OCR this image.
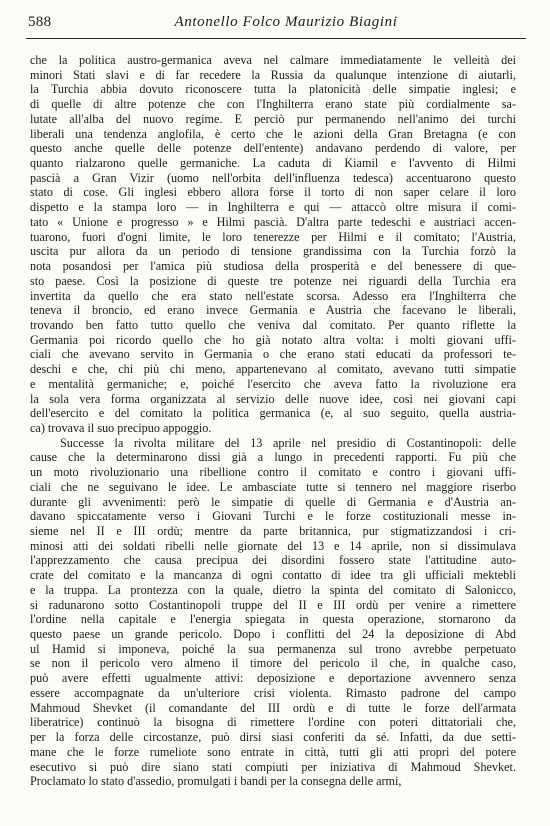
588	Antonello Folco Maurizio Biagini
che la politica austro-germanica aveva nel calmare immediatamente le velleità dei
minori Stati slavi e di far recedere la Russia da qualunque intenzione di aiutarli,
la Turchia abbia dovuto riconoscere tutta la platonicità delle simpatie inglesi; e
di quelle di altre potenze che con l'Inghilterra erano state più cordialmente sa-
lutate all'alba del nuovo regime. E perciò pur permanendo nell'animo dei turchi
liberali una tendenza anglofila, è certo che le azioni della Gran Bretagna (e con
questo anche quelle delle potenze dell'entente) andavano perdendo di valore, per
quanto rialzarono quelle germaniche. La caduta di Kiamil e l'avvento di Hilmi
pascià a Gran Vizir (uomo nell'orbita dell'influenza tedesca) accentuarono questo
stato di cose. Gli inglesi ebbero allora forse il torto di non saper celare il loro
dispetto e la stampa loro — in Inghilterra e qui — attaccò oltre misura il comi-
tato « Unione e progresso » e Hilmi pascià. D'altra parte tedeschi e austriaci accen-
tuarono, fuori d'ogni limite, le loro tenerezze per Hilmi e il comitato; l'Austria,
uscita pur allora da un periodo di tensione grandissima con la Turchia forzò la
nota posandosi per l'amica più studiosa della prosperità e del benessere di que-
sto paese. Così la posizione di queste tre potenze nei riguardi della Turchia era
invertita da quello che era stato nell'estate scorsa. Adesso era l'Inghilterra che
teneva il broncio, ed erano invece Germania e Austria che facevano le liberali,
trovando ben fatto tutto quello che veniva dal comitato. Per quanto riflette la
Germania poi ricordo quello che ho già notato altra volta: i molti giovani uffi-
ciali che avevano servito in Germania o che erano stati educati da professori te-
deschi e che, chi più chi meno, appartenevano al comitato, avevano tutti simpatie
e mentalità germaniche; e, poiché l'esercito che aveva fatto la rivoluzione era
la sola vera forma organizzata al servizio delle nuove idee, così nei giovani capi
dell'esercito e del comitato la politica germanica (e, al suo seguito, quella austria-
ca) trovava il suo precipuo appoggio.
Successe la rivolta militare del 13 aprile nel presidio di Costantinopoli: delle
cause che la determinarono dissi già a lungo in precedenti rapporti. Fu più che
un moto rivoluzionario una ribellione contro il comitato e contro i giovani uffi-
ciali che ne seguivano le idee. Le ambasciate tutte si tennero nel maggiore riserbo
durante gli avvenimenti: però le simpatie di quelle di Germania e d'Austria an-
davano spiccatamente verso i Giovani Turchi e le forze costituzionali messe in-
sieme nel II e III ordù; mentre da parte britannica, pur stigmatizzandosi i cri-
minosi atti dei soldati ribelli nelle giornate del 13 e 14 aprile, non si dissimulava
l'apprezzamento che causa precipua dei disordini fossero state l'attitudine auto-
crate del comitato e la mancanza di ogni contatto di idee tra gli ufficiali mektebli
e la truppa. La prontezza con la quale, dietro la spinta del comitato di Salonicco,
si radunarono sotto Costantinopoli truppe del II e III ordù per venire a rimettere
l'ordine nella capitale e l'energia spiegata in questa operazione, stornarono da
questo paese un grande pericolo. Dopo i conflitti del 24 la deposizione di Abd
ul Hamid si imponeva, poiché la sua permanenza sul trono avrebbe perpetuato
se non il pericolo vero almeno il timore del pericolo il che, in qualche caso,
può avere effetti ugualmente attivi: deposizione e deportazione avvennero senza
essere accompagnate da un'ulteriore crisi violenta. Rimasto padrone del campo
Mahmoud Shevket (il comandante del III ordù e di tutte le forze dell'armata
liberatrice) continuò la bisogna di rimettere l'ordine con poteri dittatoriali che,
per la forza delle circostanze, può dirsi siasi conferiti da sé. Infatti, da due setti-
mane che le forze rumeliote sono entrate in città, tutti gli atti propri del potere
esecutivo si può dire siano stati compiuti per iniziativa di Mahmoud Shevket.
Proclamato lo stato d'assedio, promulgati i bandi per la consegna delle armi,
